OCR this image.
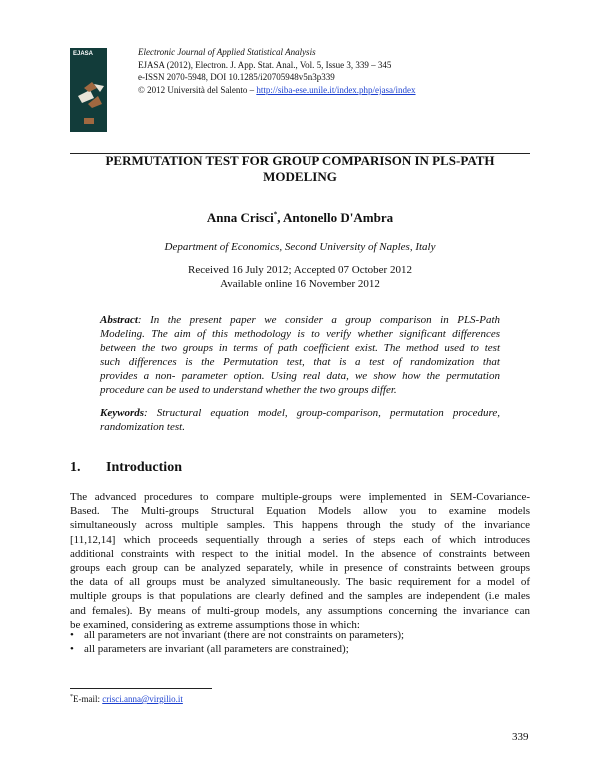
EJASA	Electronic Journal of Applied Statistical Analysis
EJASA (2012), Electron. J. App. Stat. Anal., Vol. 5, Issue 3, 339 – 345
e-ISSN 2070-5948, DOI 10.1285/i20705948v5n3p339
© 2012 Università del Salento – http://siba-ese.unile.it/index.php/ejasa/index
PERMUTATION TEST FOR GROUP COMPARISON IN PLS-PATH
MODELING
Anna Crisci*, Antonello D'Ambra
Department of Economics, Second University of Naples, Italy
Received 16 July 2012; Accepted 07 October 2012
Available online 16 November 2012
Abstract: In the present paper we consider a group comparison in PLS-Path
Modeling. The aim of this methodology is to verify whether significant differences
between the two groups in terms of path coefficient exist. The method used to test
such differences is the Permutation test, that is a test of randomization that
provides a non- parameter option. Using real data, we show how the permutation
procedure can be used to understand whether the two groups differ.
Keywords: Structural equation model, group-comparison, permutation procedure,
randomization test.
1. Introduction
The advanced procedures to compare multiple-groups were implemented in SEM-Covariance-
Based. The Multi-groups Structural Equation Models allow you to examine models
simultaneously across multiple samples. This happens through the study of the invariance
[11,12,14] which proceeds sequentially through a series of steps each of which introduces
additional constraints with respect to the initial model. In the absence of constraints between
groups each group can be analyzed separately, while in presence of constraints between groups
the data of all groups must be analyzed simultaneously. The basic requirement for a model of
multiple groups is that populations are clearly defined and the samples are independent (i.e males
and females). By means of multi-group models, any assumptions concerning the invariance can
be examined, considering as extreme assumptions those in which:
• all parameters are not invariant (there are not constraints on parameters);
• all parameters are invariant (all parameters are constrained);
*E-mail: crisci.anna@virgilio.it
339
